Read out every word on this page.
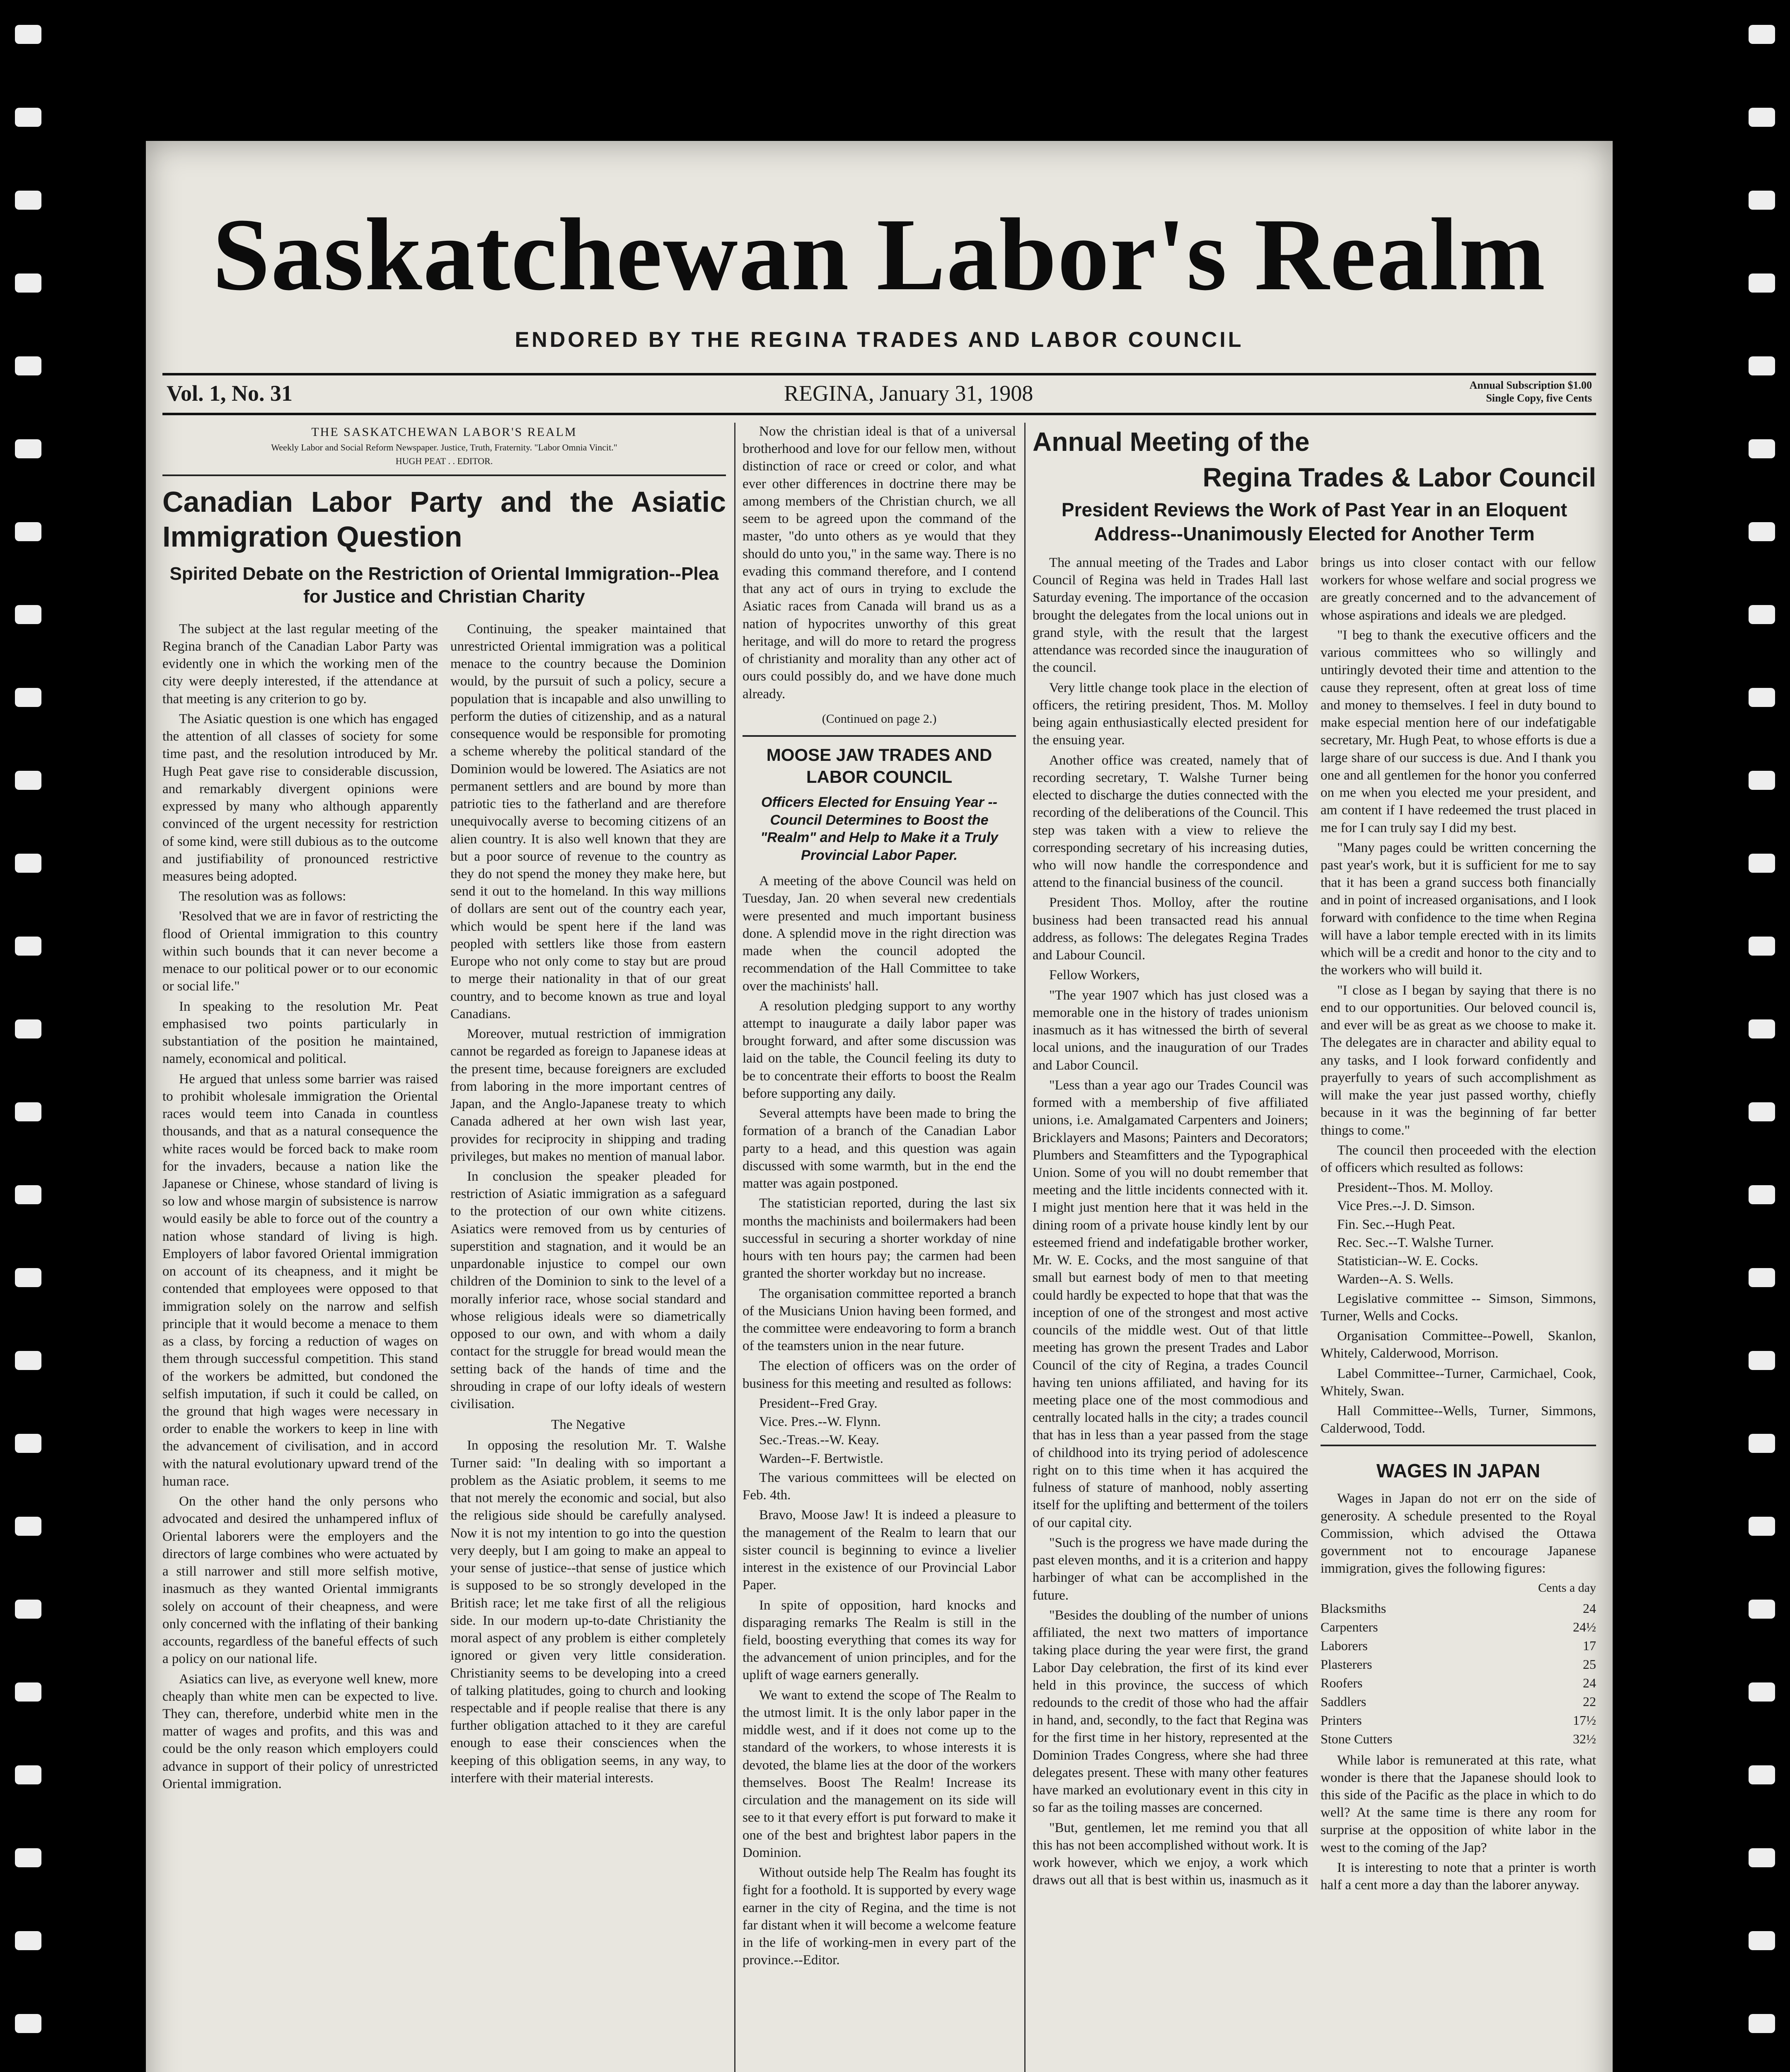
Saskatchewan Labor's Realm
ENDORED BY THE REGINA TRADES AND LABOR COUNCIL
Vol. 1, No. 31	REGINA, January 31, 1908	Annual Subscription $1.00
Single Copy, five Cents
THE SASKATCHEWAN LABOR'S REALM
Weekly Labor and Social Reform Newspaper. Justice, Truth, Fraternity. "Labor Omnia Vincit."
HUGH PEAT . . EDITOR.
Canadian Labor Party and the Asiatic Immigration Question
Spirited Debate on the Restriction of Oriental Immigration--Plea for Justice and Christian Charity

The subject at the last regular meeting of the Regina branch of the Canadian Labor Party was evidently one in which the working men of the city were deeply interested, if the attendance at that meeting is any criterion to go by.

The Asiatic question is one which has engaged the attention of all classes of society for some time past, and the resolution introduced by Mr. Hugh Peat gave rise to considerable discussion, and remarkably divergent opinions were expressed by many who although apparently convinced of the urgent necessity for restriction of some kind, were still dubious as to the outcome and justifiability of pronounced restrictive measures being adopted.

The resolution was as follows:

'Resolved that we are in favor of restricting the flood of Oriental immigration to this country within such bounds that it can never become a menace to our political power or to our economic or social life."

In speaking to the resolution Mr. Peat emphasised two points particularly in substantiation of the position he maintained, namely, economical and political.

He argued that unless some barrier was raised to prohibit wholesale immigration the Oriental races would teem into Canada in countless thousands, and that as a natural consequence the white races would be forced back to make room for the invaders, because a nation like the Japanese or Chinese, whose standard of living is so low and whose margin of subsistence is narrow would easily be able to force out of the country a nation whose standard of living is high. Employers of labor favored Oriental immigration on account of its cheapness, and it might be contended that employees were opposed to that immigration solely on the narrow and selfish principle that it would become a menace to them as a class, by forcing a reduction of wages on them through successful competition. This stand of the workers be admitted, but condoned the selfish imputation, if such it could be called, on the ground that high wages were necessary in order to enable the workers to keep in line with the advancement of civilisation, and in accord with the natural evolutionary upward trend of the human race.

On the other hand the only persons who advocated and desired the unhampered influx of Oriental laborers were the employers and the directors of large combines who were actuated by a still narrower and still more selfish motive, inasmuch as they wanted Oriental immigrants solely on account of their cheapness, and were only concerned with the inflating of their banking accounts, regardless of the baneful effects of such a policy on our national life.

Asiatics can live, as everyone well knew, more cheaply than white men can be expected to live. They can, therefore, underbid white men in the matter of wages and profits, and this was and could be the only reason which employers could advance in support of their policy of unrestricted Oriental immigration.

Continuing, the speaker maintained that unrestricted Oriental immigration was a political menace to the country because the Dominion would, by the pursuit of such a policy, secure a population that is incapable and also unwilling to perform the duties of citizenship, and as a natural consequence would be responsible for promoting a scheme whereby the political standard of the Dominion would be lowered. The Asiatics are not permanent settlers and are bound by more than patriotic ties to the fatherland and are therefore unequivocally averse to becoming citizens of an alien country. It is also well known that they are but a poor source of revenue to the country as they do not spend the money they make here, but send it out to the homeland. In this way millions of dollars are sent out of the country each year, which would be spent here if the land was peopled with settlers like those from eastern Europe who not only come to stay but are proud to merge their nationality in that of our great country, and to become known as true and loyal Canadians.

Moreover, mutual restriction of immigration cannot be regarded as foreign to Japanese ideas at the present time, because foreigners are excluded from laboring in the more important centres of Japan, and the Anglo-Japanese treaty to which Canada adhered at her own wish last year, provides for reciprocity in shipping and trading privileges, but makes no mention of manual labor.

In conclusion the speaker pleaded for restriction of Asiatic immigration as a safeguard to the protection of our own white citizens. Asiatics were removed from us by centuries of superstition and stagnation, and it would be an unpardonable injustice to compel our own children of the Dominion to sink to the level of a morally inferior race, whose social standard and whose religious ideals were so diametrically opposed to our own, and with whom a daily contact for the struggle for bread would mean the setting back of the hands of time and the shrouding in crape of our lofty ideals of western civilisation.

The Negative

In opposing the resolution Mr. T. Walshe Turner said: "In dealing with so important a problem as the Asiatic problem, it seems to me that not merely the economic and social, but also the religious side should be carefully analysed. Now it is not my intention to go into the question very deeply, but I am going to make an appeal to your sense of justice--that sense of justice which is supposed to be so strongly developed in the British race; let me take first of all the religious side. In our modern up-to-date Christianity the moral aspect of any problem is either completely ignored or given very little consideration. Christianity seems to be developing into a creed of talking platitudes, going to church and looking respectable and if people realise that there is any further obligation attached to it they are careful enough to ease their consciences when the keeping of this obligation seems, in any way, to interfere with their material interests.

Now the christian ideal is that of a universal brotherhood and love for our fellow men, without distinction of race or creed or color, and what ever other differences in doctrine there may be among members of the Christian church, we all seem to be agreed upon the command of the master, "do unto others as ye would that they should do unto you," in the same way. There is no evading this command therefore, and I contend that any act of ours in trying to exclude the Asiatic races from Canada will brand us as a nation of hypocrites unworthy of this great heritage, and will do more to retard the progress of christianity and morality than any other act of ours could possibly do, and we have done much already.

(Continued on page 2.)
MOOSE JAW TRADES AND LABOR COUNCIL
Officers Elected for Ensuing Year --Council Determines to Boost the "Realm" and Help to Make it a Truly Provincial Labor Paper.

A meeting of the above Council was held on Tuesday, Jan. 20 when several new credentials were presented and much important business done. A splendid move in the right direction was made when the council adopted the recommendation of the Hall Committee to take over the machinists' hall.

A resolution pledging support to any worthy attempt to inaugurate a daily labor paper was brought forward, and after some discussion was laid on the table, the Council feeling its duty to be to concentrate their efforts to boost the Realm before supporting any daily.

Several attempts have been made to bring the formation of a branch of the Canadian Labor party to a head, and this question was again discussed with some warmth, but in the end the matter was again postponed.

The statistician reported, during the last six months the machinists and boilermakers had been successful in securing a shorter workday of nine hours with ten hours pay; the carmen had been granted the shorter workday but no increase.

The organisation committee reported a branch of the Musicians Union having been formed, and the committee were endeavoring to form a branch of the teamsters union in the near future.

The election of officers was on the order of business for this meeting and resulted as follows:

President--Fred Gray.
Vice. Pres.--W. Flynn.
Sec.-Treas.--W. Keay.
Warden--F. Bertwistle.

The various committees will be elected on Feb. 4th.

Bravo, Moose Jaw! It is indeed a pleasure to the management of the Realm to learn that our sister council is beginning to evince a livelier interest in the existence of our Provincial Labor Paper.

In spite of opposition, hard knocks and disparaging remarks The Realm is still in the field, boosting everything that comes its way for the advancement of union principles, and for the uplift of wage earners generally.

We want to extend the scope of The Realm to the utmost limit. It is the only labor paper in the middle west, and if it does not come up to the standard of the workers, to whose interests it is devoted, the blame lies at the door of the workers themselves. Boost The Realm! Increase its circulation and the management on its side will see to it that every effort is put forward to make it one of the best and brightest labor papers in the Dominion.

Without outside help The Realm has fought its fight for a foothold. It is supported by every wage earner in the city of Regina, and the time is not far distant when it will become a welcome feature in the life of working-men in every part of the province.--Editor.

Annual Meeting of the
Regina Trades & Labor Council
President Reviews the Work of Past Year in an Eloquent Address--Unanimously Elected for Another Term

The annual meeting of the Trades and Labor Council of Regina was held in Trades Hall last Saturday evening. The importance of the occasion brought the delegates from the local unions out in grand style, with the result that the largest attendance was recorded since the inauguration of the council.

Very little change took place in the election of officers, the retiring president, Thos. M. Molloy being again enthusiastically elected president for the ensuing year.

Another office was created, namely that of recording secretary, T. Walshe Turner being elected to discharge the duties connected with the recording of the deliberations of the Council. This step was taken with a view to relieve the corresponding secretary of his increasing duties, who will now handle the correspondence and attend to the financial business of the council.

President Thos. Molloy, after the routine business had been transacted read his annual address, as follows: The delegates Regina Trades and Labour Council.

Fellow Workers,

"The year 1907 which has just closed was a memorable one in the history of trades unionism inasmuch as it has witnessed the birth of several local unions, and the inauguration of our Trades and Labor Council.

"Less than a year ago our Trades Council was formed with a membership of five affiliated unions, i.e. Amalgamated Carpenters and Joiners; Bricklayers and Masons; Painters and Decorators; Plumbers and Steamfitters and the Typographical Union. Some of you will no doubt remember that meeting and the little incidents connected with it. I might just mention here that it was held in the dining room of a private house kindly lent by our esteemed friend and indefatigable brother worker, Mr. W. E. Cocks, and the most sanguine of that small but earnest body of men to that meeting could hardly be expected to hope that that was the inception of one of the strongest and most active councils of the middle west. Out of that little meeting has grown the present Trades and Labor Council of the city of Regina, a trades Council having ten unions affiliated, and having for its meeting place one of the most commodious and centrally located halls in the city; a trades council that has in less than a year passed from the stage of childhood into its trying period of adolescence right on to this time when it has acquired the fulness of stature of manhood, nobly asserting itself for the uplifting and betterment of the toilers of our capital city.

"Such is the progress we have made during the past eleven months, and it is a criterion and happy harbinger of what can be accomplished in the future.

"Besides the doubling of the number of unions affiliated, the next two matters of importance taking place during the year were first, the grand Labor Day celebration, the first of its kind ever held in this province, the success of which redounds to the credit of those who had the affair in hand, and, secondly, to the fact that Regina was for the first time in her history, represented at the Dominion Trades Congress, where she had three delegates present. These with many other features have marked an evolutionary event in this city in so far as the toiling masses are concerned.

"But, gentlemen, let me remind you that all this has not been accomplished without work. It is work however, which we enjoy, a work which draws out all that is best within us, inasmuch as it brings us into closer contact with our fellow workers for whose welfare and social progress we are greatly concerned and to the advancement of whose aspirations and ideals we are pledged.

"I beg to thank the executive officers and the various committees who so willingly and untiringly devoted their time and attention to the cause they represent, often at great loss of time and money to themselves. I feel in duty bound to make especial mention here of our indefatigable secretary, Mr. Hugh Peat, to whose efforts is due a large share of our success is due. And I thank you one and all gentlemen for the honor you conferred on me when you elected me your president, and am content if I have redeemed the trust placed in me for I can truly say I did my best.

"Many pages could be written concerning the past year's work, but it is sufficient for me to say that it has been a grand success both financially and in point of increased organisations, and I look forward with confidence to the time when Regina will have a labor temple erected with in its limits which will be a credit and honor to the city and to the workers who will build it.

"I close as I began by saying that there is no end to our opportunities. Our beloved council is, and ever will be as great as we choose to make it. The delegates are in character and ability equal to any tasks, and I look forward confidently and prayerfully to years of such accomplishment as will make the year just passed worthy, chiefly because in it was the beginning of far better things to come."

The council then proceeded with the election of officers which resulted as follows:

President--Thos. M. Molloy.
Vice Pres.--J. D. Simson.
Fin. Sec.--Hugh Peat.
Rec. Sec.--T. Walshe Turner.
Statistician--W. E. Cocks.
Warden--A. S. Wells.

Legislative committee -- Simson, Simmons, Turner, Wells and Cocks.

Organisation Committee--Powell, Skanlon, Whitely, Calderwood, Morrison.

Label Committee--Turner, Carmichael, Cook, Whitely, Swan.

Hall Committee--Wells, Turner, Simmons, Calderwood, Todd.

WAGES IN JAPAN

Wages in Japan do not err on the side of generosity. A schedule presented to the Royal Commission, which advised the Ottawa government not to encourage Japanese immigration, gives the following figures:

Cents a day
Blacksmiths	24
Carpenters	24½
Laborers	17
Plasterers	25
Roofers	24
Saddlers	22
Printers	17½
Stone Cutters	32½

While labor is remunerated at this rate, what wonder is there that the Japanese should look to this side of the Pacific as the place in which to do well? At the same time is there any room for surprise at the opposition of white labor in the west to the coming of the Jap?

It is interesting to note that a printer is worth half a cent more a day than the laborer anyway.
